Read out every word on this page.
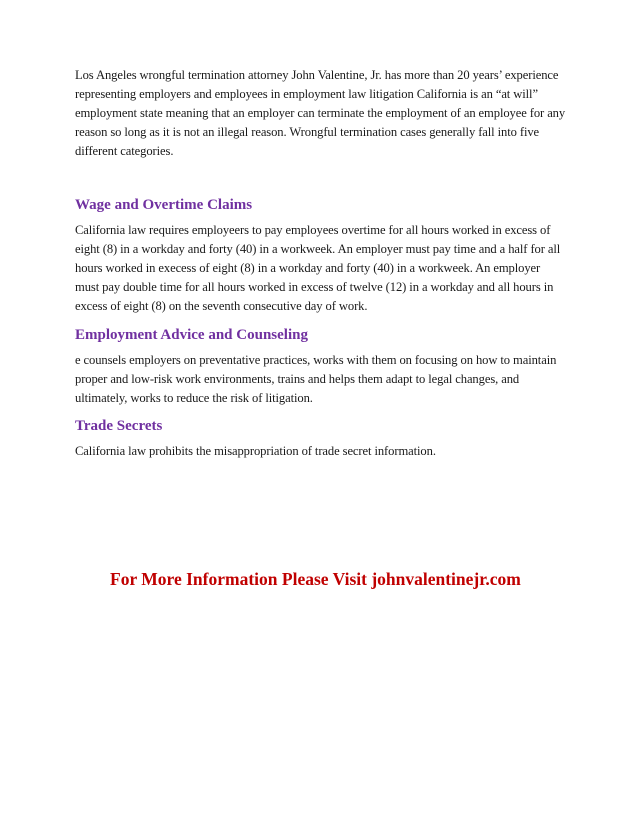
Los Angeles wrongful termination attorney John Valentine, Jr. has more than 20 years’ experience representing employers and employees in employment law litigation California is an “at will” employment state meaning that an employer can terminate the employment of an employee for any reason so long as it is not an illegal reason. Wrongful termination cases generally fall into five different categories.

Wage and Overtime Claims

California law requires employeers to pay employees overtime for all hours worked in excess of eight (8) in a workday and forty (40) in a workweek. An employer must pay time and a half for all hours worked in execess of eight (8) in a workday and forty (40) in a workweek. An employer must pay double time for all hours worked in excess of twelve (12) in a workday and all hours in excess of eight (8) on the seventh consecutive day of work.

Employment Advice and Counseling

e counsels employers on preventative practices, works with them on focusing on how to maintain proper and low-risk work environments, trains and helps them adapt to legal changes, and ultimately, works to reduce the risk of litigation.

Trade Secrets

California law prohibits the misappropriation of trade secret information.

For More Information Please Visit johnvalentinejr.com
